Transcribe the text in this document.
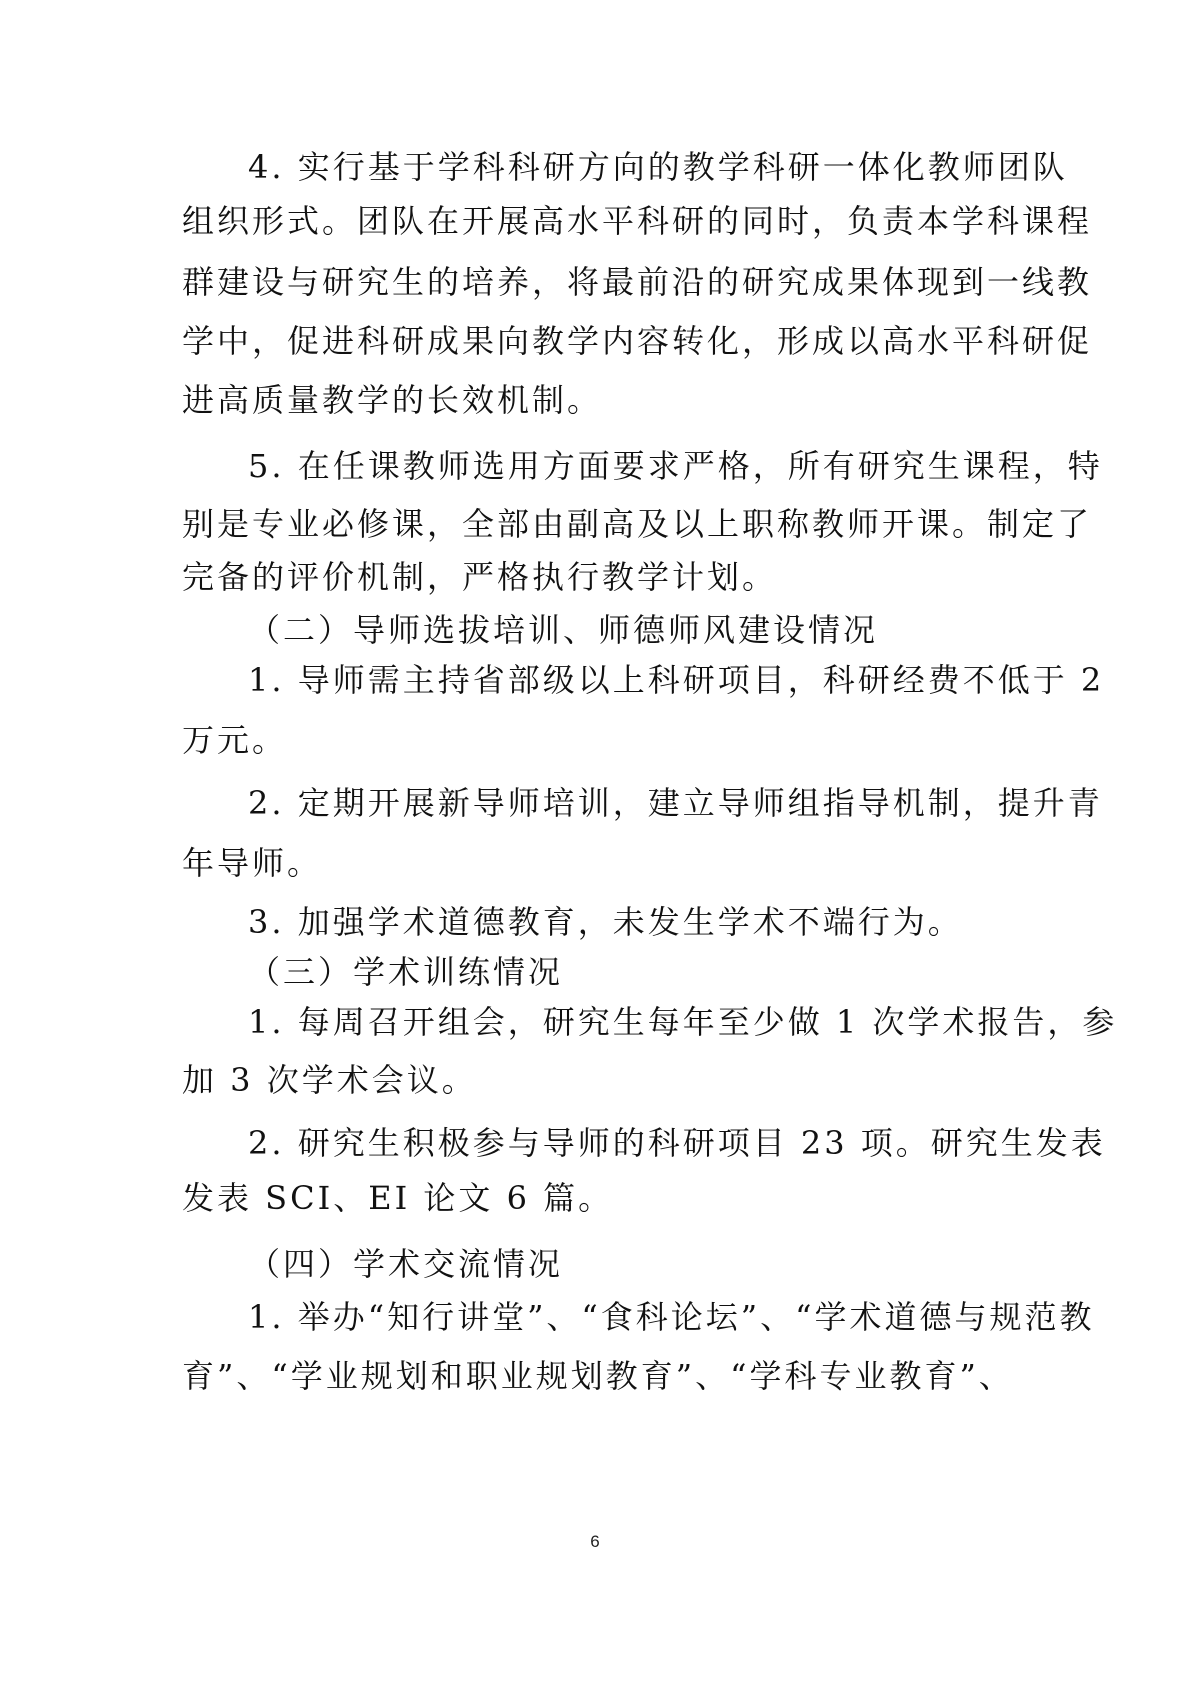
4. 实行基于学科科研方向的教学科研一体化教师团队
组织形式。团队在开展高水平科研的同时，负责本学科课程
群建设与研究生的培养，将最前沿的研究成果体现到一线教
学中，促进科研成果向教学内容转化，形成以高水平科研促
进高质量教学的长效机制。
5. 在任课教师选用方面要求严格，所有研究生课程，特
别是专业必修课，全部由副高及以上职称教师开课。制定了
完备的评价机制，严格执行教学计划。
（二）导师选拔培训、师德师风建设情况
1. 导师需主持省部级以上科研项目，科研经费不低于 2
万元。
2. 定期开展新导师培训，建立导师组指导机制，提升青
年导师。
3. 加强学术道德教育，未发生学术不端行为。
（三）学术训练情况
1. 每周召开组会，研究生每年至少做 1 次学术报告，参
加 3 次学术会议。
2. 研究生积极参与导师的科研项目 23 项。研究生发表
发表 SCI、EI 论文 6 篇。
（四）学术交流情况
1. 举办“知行讲堂”、“食科论坛”、“学术道德与规范教
育”、“学业规划和职业规划教育”、“学科专业教育”、
6
